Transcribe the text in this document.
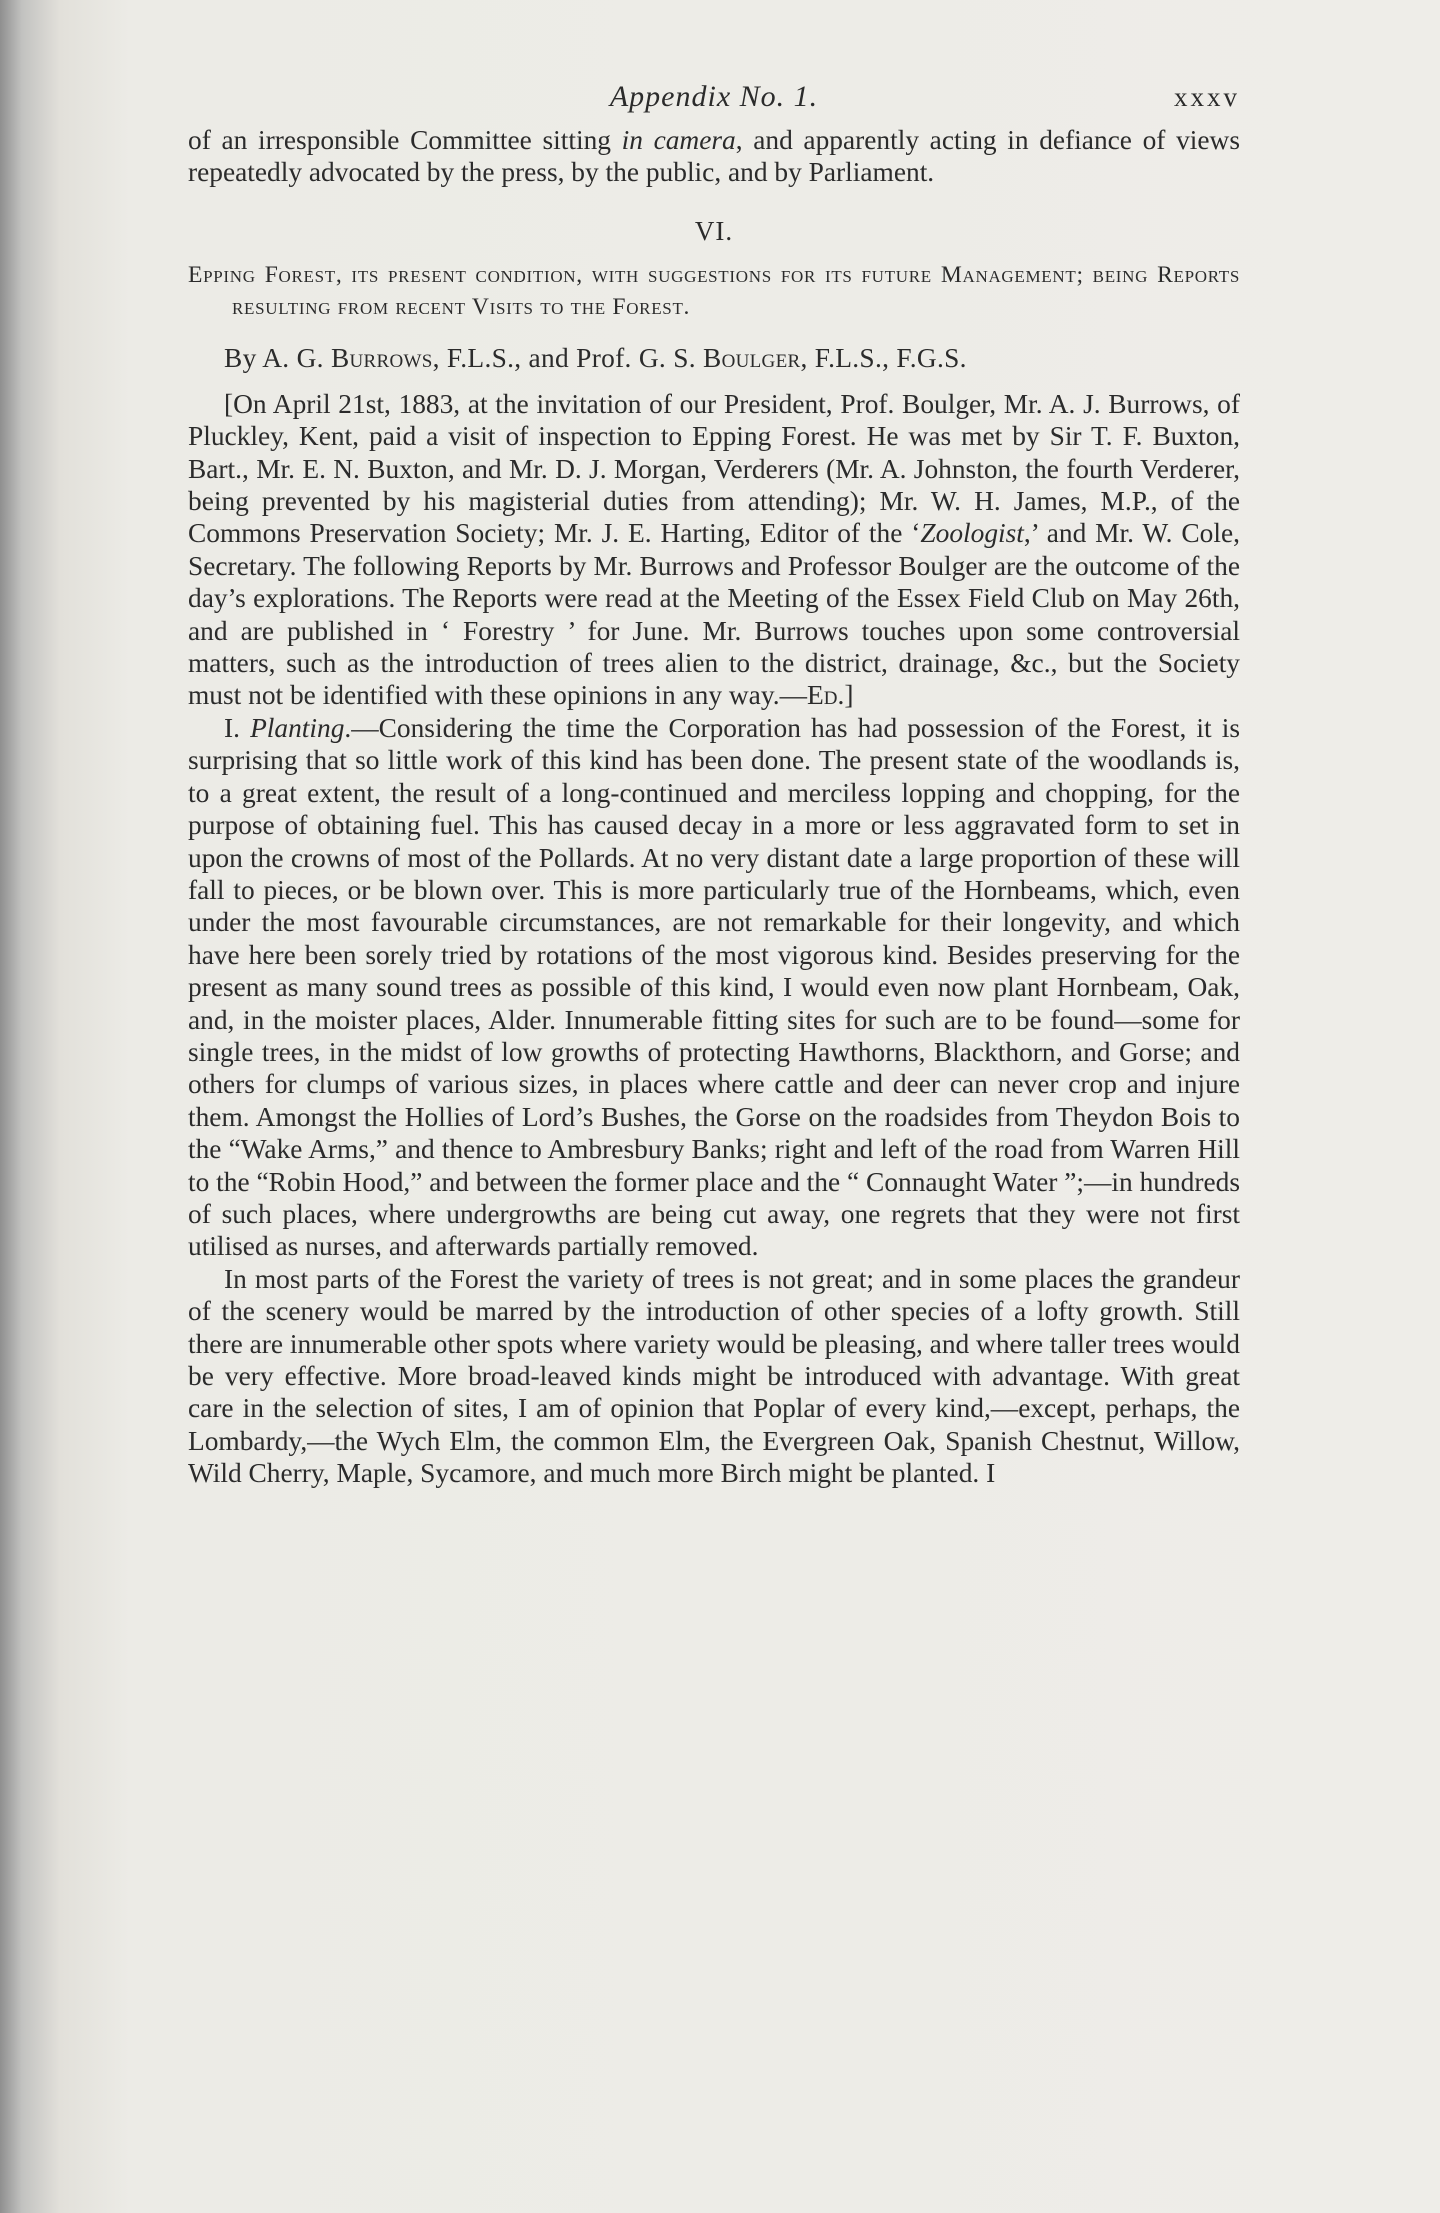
Appendix No. 1.	xxxv

of an irresponsible Committee sitting in camera, and apparently acting in defiance of views repeatedly advocated by the press, by the public, and by Parliament.

VI.

Epping Forest, its present condition, with suggestions for its future Management; being Reports resulting from recent Visits to the Forest.

By A. G. Burrows, F.L.S., and Prof. G. S. Boulger, F.L.S., F.G.S.

[On April 21st, 1883, at the invitation of our President, Prof. Boulger, Mr. A. J. Burrows, of Pluckley, Kent, paid a visit of inspection to Epping Forest. He was met by Sir T. F. Buxton, Bart., Mr. E. N. Buxton, and Mr. D. J. Morgan, Verderers (Mr. A. Johnston, the fourth Verderer, being prevented by his magisterial duties from attending); Mr. W. H. James, M.P., of the Commons Preservation Society; Mr. J. E. Harting, Editor of the ‘Zoologist,’ and Mr. W. Cole, Secretary. The following Reports by Mr. Burrows and Professor Boulger are the outcome of the day’s explorations. The Reports were read at the Meeting of the Essex Field Club on May 26th, and are published in ‘ Forestry ’ for June. Mr. Burrows touches upon some controversial matters, such as the introduction of trees alien to the district, drainage, &c., but the Society must not be identified with these opinions in any way.—Ed.]

I. Planting.—Considering the time the Corporation has had possession of the Forest, it is surprising that so little work of this kind has been done. The present state of the woodlands is, to a great extent, the result of a long-continued and merciless lopping and chopping, for the purpose of obtaining fuel. This has caused decay in a more or less aggravated form to set in upon the crowns of most of the Pollards. At no very distant date a large proportion of these will fall to pieces, or be blown over. This is more particularly true of the Hornbeams, which, even under the most favourable circumstances, are not remarkable for their longevity, and which have here been sorely tried by rotations of the most vigorous kind. Besides preserving for the present as many sound trees as possible of this kind, I would even now plant Hornbeam, Oak, and, in the moister places, Alder. Innumerable fitting sites for such are to be found—some for single trees, in the midst of low growths of protecting Hawthorns, Blackthorn, and Gorse; and others for clumps of various sizes, in places where cattle and deer can never crop and injure them. Amongst the Hollies of Lord’s Bushes, the Gorse on the roadsides from Theydon Bois to the “Wake Arms,” and thence to Ambresbury Banks; right and left of the road from Warren Hill to the “Robin Hood,” and between the former place and the “ Connaught Water ”;—in hundreds of such places, where undergrowths are being cut away, one regrets that they were not first utilised as nurses, and afterwards partially removed.

In most parts of the Forest the variety of trees is not great; and in some places the grandeur of the scenery would be marred by the introduction of other species of a lofty growth. Still there are innumerable other spots where variety would be pleasing, and where taller trees would be very effective. More broad-leaved kinds might be introduced with advantage. With great care in the selection of sites, I am of opinion that Poplar of every kind,—except, perhaps, the Lombardy,—the Wych Elm, the common Elm, the Evergreen Oak, Spanish Chestnut, Willow, Wild Cherry, Maple, Sycamore, and much more Birch might be planted. I
